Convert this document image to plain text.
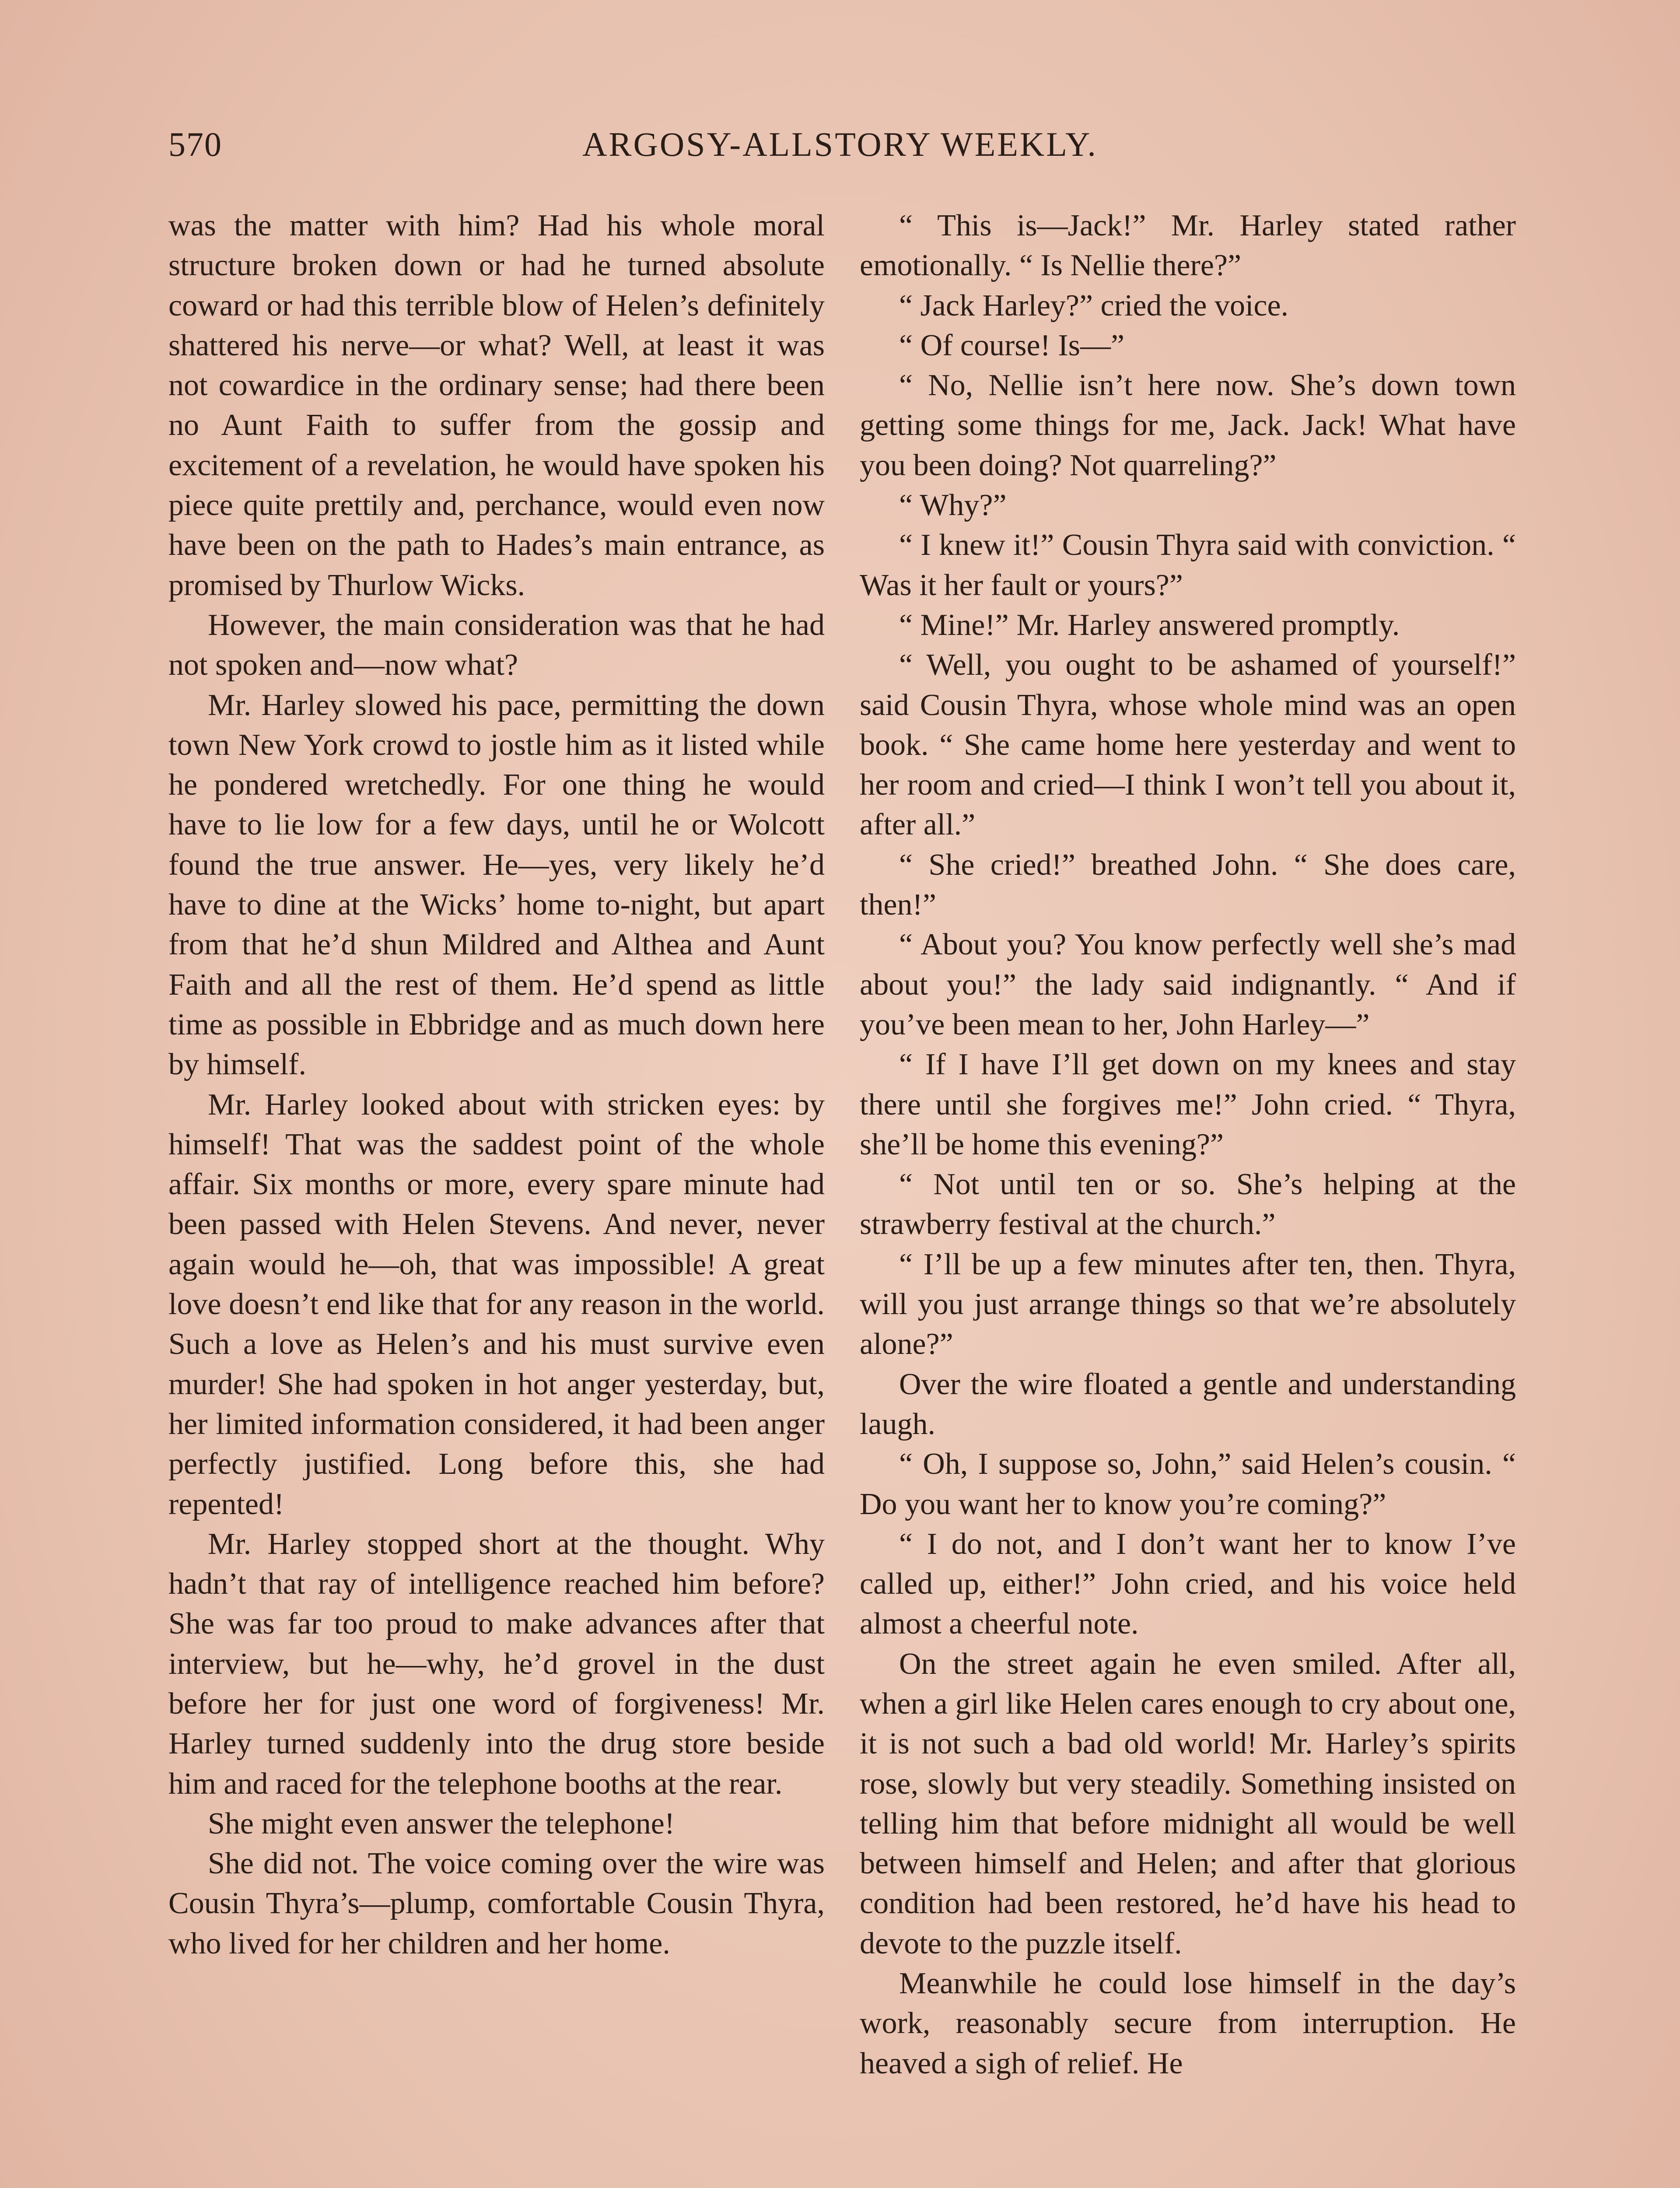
570	ARGOSY-ALLSTORY WEEKLY.

was the matter with him? Had his whole moral structure broken down or had he turned absolute coward or had this terrible blow of Helen’s definitely shattered his nerve—or what? Well, at least it was not cowardice in the ordinary sense; had there been no Aunt Faith to suffer from the gossip and excitement of a revelation, he would have spoken his piece quite prettily and, perchance, would even now have been on the path to Hades’s main entrance, as promised by Thurlow Wicks.

However, the main consideration was that he had not spoken and—now what?

Mr. Harley slowed his pace, permitting the down town New York crowd to jostle him as it listed while he pondered wretchedly. For one thing he would have to lie low for a few days, until he or Wolcott found the true answer. He—yes, very likely he’d have to dine at the Wicks’ home to-night, but apart from that he’d shun Mildred and Althea and Aunt Faith and all the rest of them. He’d spend as little time as possible in Ebbridge and as much down here by himself.

Mr. Harley looked about with stricken eyes: by himself! That was the saddest point of the whole affair. Six months or more, every spare minute had been passed with Helen Stevens. And never, never again would he—oh, that was impossible! A great love doesn’t end like that for any reason in the world. Such a love as Helen’s and his must survive even murder! She had spoken in hot anger yesterday, but, her limited information considered, it had been anger perfectly justified. Long before this, she had repented!

Mr. Harley stopped short at the thought. Why hadn’t that ray of intelligence reached him before? She was far too proud to make advances after that interview, but he—why, he’d grovel in the dust before her for just one word of forgiveness! Mr. Harley turned suddenly into the drug store beside him and raced for the telephone booths at the rear.

She might even answer the telephone!

She did not. The voice coming over the wire was Cousin Thyra’s—plump, comfortable Cousin Thyra, who lived for her children and her home.

“ This is—Jack!” Mr. Harley stated rather emotionally. “ Is Nellie there?”

“ Jack Harley?” cried the voice.

“ Of course! Is—”

“ No, Nellie isn’t here now. She’s down town getting some things for me, Jack. Jack! What have you been doing? Not quarreling?”

“ Why?”

“ I knew it!” Cousin Thyra said with conviction. “ Was it her fault or yours?”

“ Mine!” Mr. Harley answered promptly.

“ Well, you ought to be ashamed of yourself!” said Cousin Thyra, whose whole mind was an open book. “ She came home here yesterday and went to her room and cried—I think I won’t tell you about it, after all.”

“ She cried!” breathed John. “ She does care, then!”

“ About you? You know perfectly well she’s mad about you!” the lady said indignantly. “ And if you’ve been mean to her, John Harley—”

“ If I have I’ll get down on my knees and stay there until she forgives me!” John cried. “ Thyra, she’ll be home this evening?”

“ Not until ten or so. She’s helping at the strawberry festival at the church.”

“ I’ll be up a few minutes after ten, then. Thyra, will you just arrange things so that we’re absolutely alone?”

Over the wire floated a gentle and understanding laugh.

“ Oh, I suppose so, John,” said Helen’s cousin. “ Do you want her to know you’re coming?”

“ I do not, and I don’t want her to know I’ve called up, either!” John cried, and his voice held almost a cheerful note.

On the street again he even smiled. After all, when a girl like Helen cares enough to cry about one, it is not such a bad old world! Mr. Harley’s spirits rose, slowly but very steadily. Something insisted on telling him that before midnight all would be well between himself and Helen; and after that glorious condition had been restored, he’d have his head to devote to the puzzle itself.

Meanwhile he could lose himself in the day’s work, reasonably secure from interruption. He heaved a sigh of relief. He
